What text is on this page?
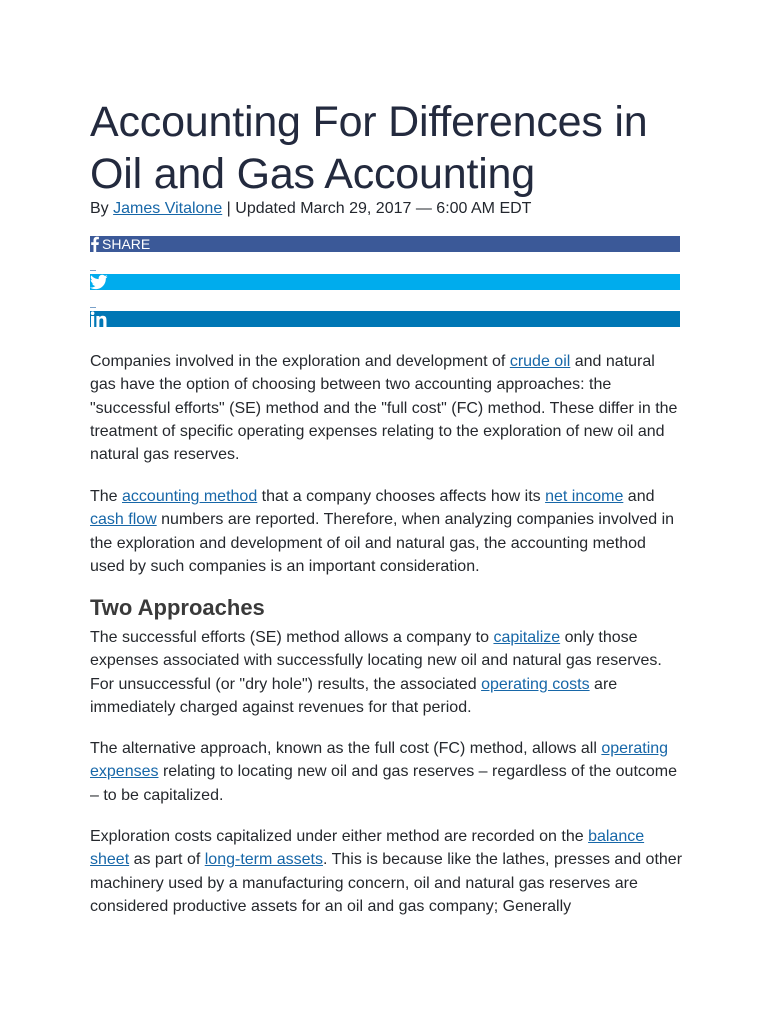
Accounting For Differences in
Oil and Gas Accounting
By James Vitalone | Updated March 29, 2017 — 6:00 AM EDT
SHARE

Companies involved in the exploration and development of crude oil and natural gas have the option of choosing between two accounting approaches: the "successful efforts" (SE) method and the "full cost" (FC) method. These differ in the treatment of specific operating expenses relating to the exploration of new oil and natural gas reserves.

The accounting method that a company chooses affects how its net income and cash flow numbers are reported. Therefore, when analyzing companies involved in the exploration and development of oil and natural gas, the accounting method used by such companies is an important consideration.

Two Approaches

The successful efforts (SE) method allows a company to capitalize only those expenses associated with successfully locating new oil and natural gas reserves. For unsuccessful (or "dry hole") results, the associated operating costs are immediately charged against revenues for that period.

The alternative approach, known as the full cost (FC) method, allows all operating expenses relating to locating new oil and gas reserves – regardless of the outcome – to be capitalized.

Exploration costs capitalized under either method are recorded on the balance sheet as part of long-term assets. This is because like the lathes, presses and other machinery used by a manufacturing concern, oil and natural gas reserves are considered productive assets for an oil and gas company; Generally
